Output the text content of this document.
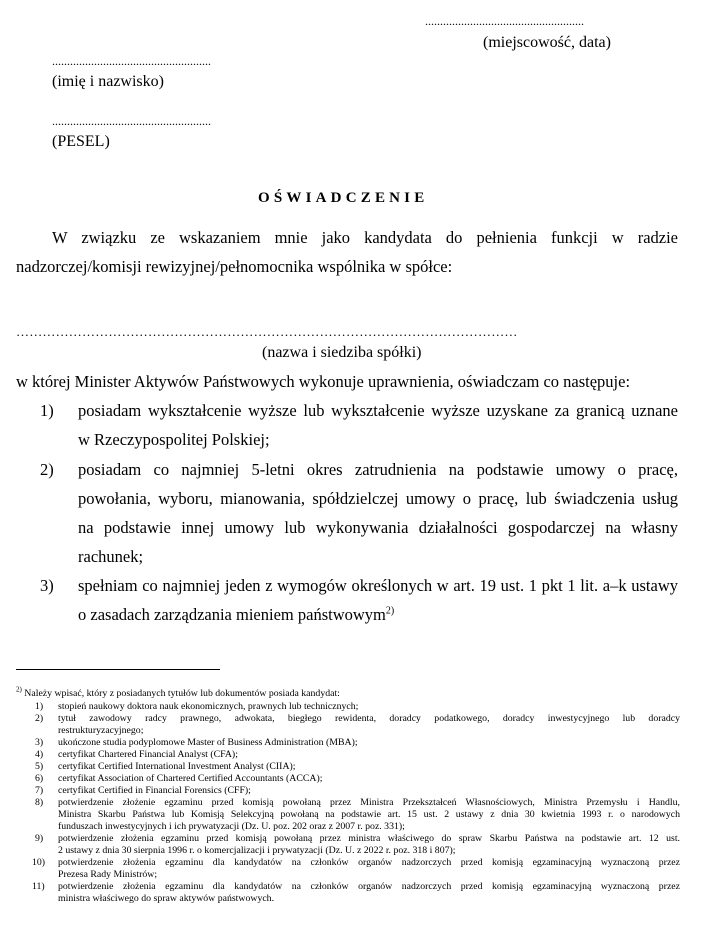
.....................................................
(miejscowość, data)
.....................................................
(imię i nazwisko)
.....................................................
(PESEL)
OŚWIADCZENIE
W związku ze wskazaniem mnie jako kandydata do pełnienia funkcji w radzie
nadzorczej/komisji rewizyjnej/pełnomocnika wspólnika w spółce:
……………………………………………………………………………………………………
(nazwa i siedziba spółki)
w której Minister Aktywów Państwowych wykonuje uprawnienia, oświadczam co następuje:
1) posiadam wykształcenie wyższe lub wykształcenie wyższe uzyskane za granicą uznane
w Rzeczypospolitej Polskiej;
2) posiadam co najmniej 5-letni okres zatrudnienia na podstawie umowy o pracę,
powołania, wyboru, mianowania, spółdzielczej umowy o pracę, lub świadczenia usług
na podstawie innej umowy lub wykonywania działalności gospodarczej na własny
rachunek;
3) spełniam co najmniej jeden z wymogów określonych w art. 19 ust. 1 pkt 1 lit. a–k ustawy
o zasadach zarządzania mieniem państwowym$^{2)}$
$^{2)}$ Należy wpisać, który z posiadanych tytułów lub dokumentów posiada kandydat:
1) stopień naukowy doktora nauk ekonomicznych, prawnych lub technicznych;
2) tytuł zawodowy radcy prawnego, adwokata, biegłego rewidenta, doradcy podatkowego, doradcy inwestycyjnego lub doradcy
restrukturyzacyjnego;
3) ukończone studia podyplomowe Master of Business Administration (MBA);
4) certyfikat Chartered Financial Analyst (CFA);
5) certyfikat Certified International Investment Analyst (CIIA);
6) certyfikat Association of Chartered Certified Accountants (ACCA);
7) certyfikat Certified in Financial Forensics (CFF);
8) potwierdzenie złożenie egzaminu przed komisją powołaną przez Ministra Przekształceń Własnościowych, Ministra Przemysłu i Handlu,
Ministra Skarbu Państwa lub Komisją Selekcyjną powołaną na podstawie art. 15 ust. 2 ustawy z dnia 30 kwietnia 1993 r. o narodowych
funduszach inwestycyjnych i ich prywatyzacji (Dz. U. poz. 202 oraz z 2007 r. poz. 331);
9) potwierdzenie złożenia egzaminu przed komisją powołaną przez ministra właściwego do spraw Skarbu Państwa na podstawie art. 12 ust.
2 ustawy z dnia 30 sierpnia 1996 r. o komercjalizacji i prywatyzacji (Dz. U. z 2022 r. poz. 318 i 807);
10) potwierdzenie złożenia egzaminu dla kandydatów na członków organów nadzorczych przed komisją egzaminacyjną wyznaczoną przez
Prezesa Rady Ministrów;
11) potwierdzenie złożenia egzaminu dla kandydatów na członków organów nadzorczych przed komisją egzaminacyjną wyznaczoną przez
ministra właściwego do spraw aktywów państwowych.
